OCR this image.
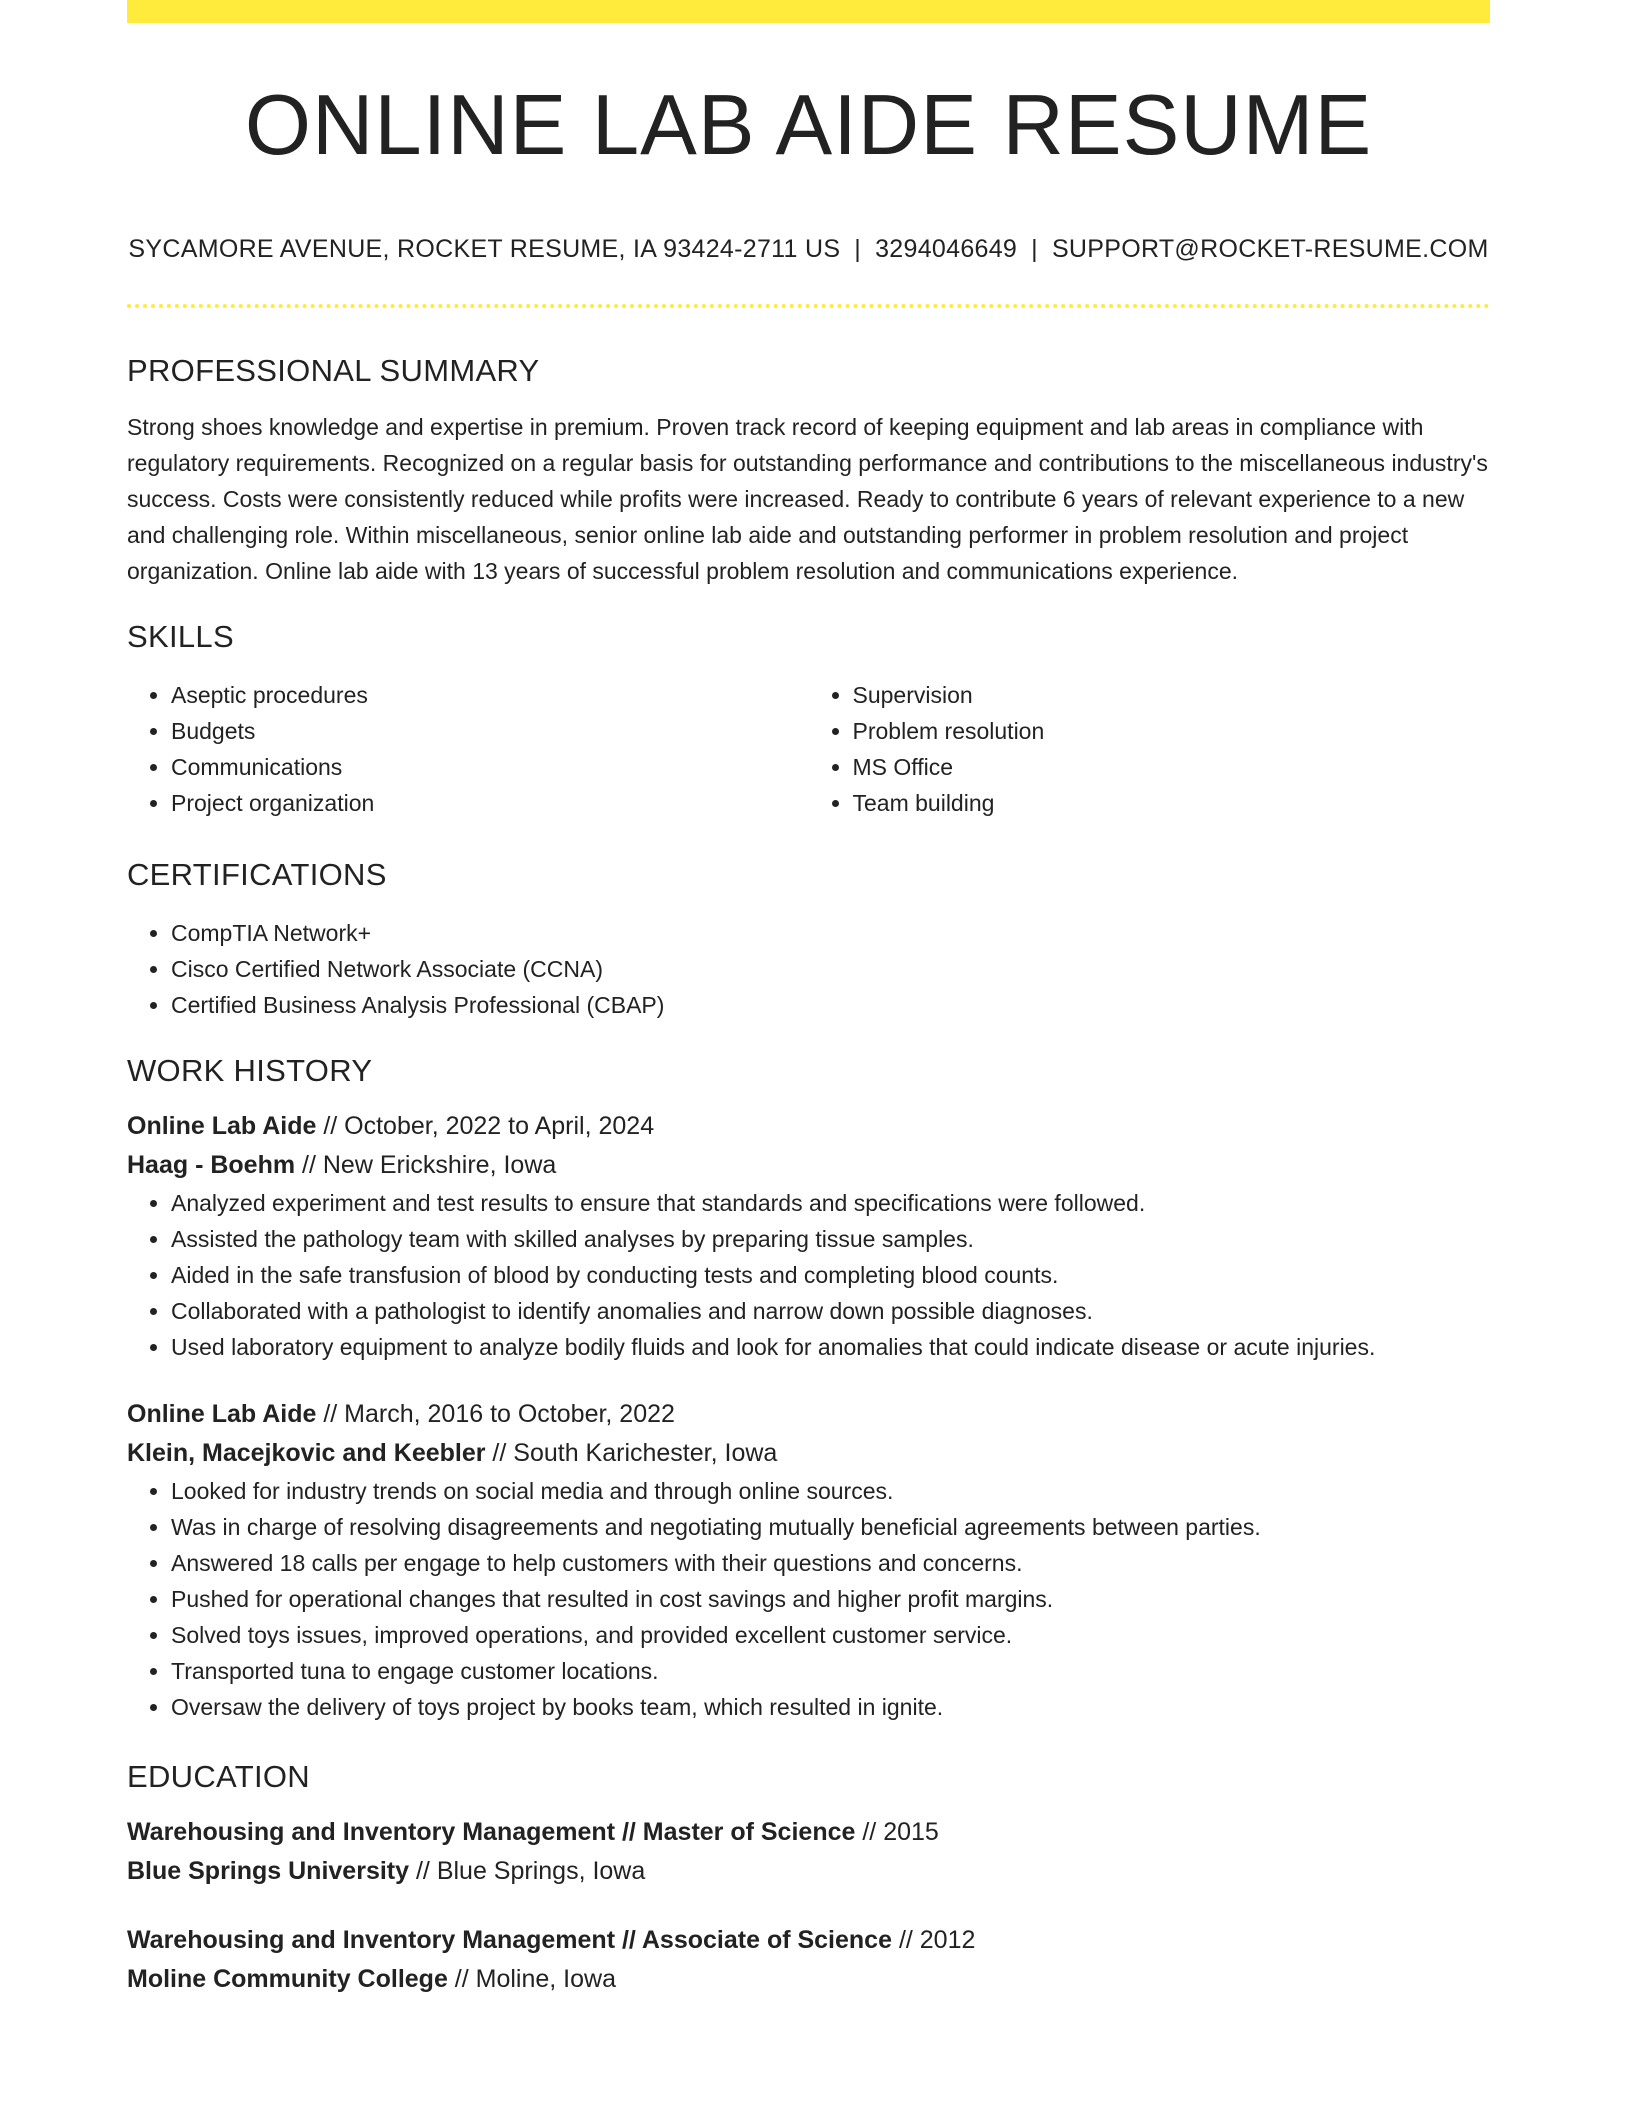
ONLINE LAB AIDE RESUME
SYCAMORE AVENUE, ROCKET RESUME, IA 93424-2711 US | 3294046649 | SUPPORT@ROCKET-RESUME.COM
PROFESSIONAL SUMMARY

Strong shoes knowledge and expertise in premium. Proven track record of keeping equipment and lab areas in compliance with regulatory requirements. Recognized on a regular basis for outstanding performance and contributions to the miscellaneous industry's success. Costs were consistently reduced while profits were increased. Ready to contribute 6 years of relevant experience to a new and challenging role. Within miscellaneous, senior online lab aide and outstanding performer in problem resolution and project organization. Online lab aide with 13 years of successful problem resolution and communications experience.

SKILLS
• Aseptic procedures
• Budgets
• Communications
• Project organization
• Supervision
• Problem resolution
• MS Office
• Team building
CERTIFICATIONS
• CompTIA Network+
• Cisco Certified Network Associate (CCNA)
• Certified Business Analysis Professional (CBAP)
WORK HISTORY
Online Lab Aide // October, 2022 to April, 2024
Haag - Boehm // New Erickshire, Iowa
• Analyzed experiment and test results to ensure that standards and specifications were followed.
• Assisted the pathology team with skilled analyses by preparing tissue samples.
• Aided in the safe transfusion of blood by conducting tests and completing blood counts.
• Collaborated with a pathologist to identify anomalies and narrow down possible diagnoses.
• Used laboratory equipment to analyze bodily fluids and look for anomalies that could indicate disease or acute injuries.
Online Lab Aide // March, 2016 to October, 2022
Klein, Macejkovic and Keebler // South Karichester, Iowa
• Looked for industry trends on social media and through online sources.
• Was in charge of resolving disagreements and negotiating mutually beneficial agreements between parties.
• Answered 18 calls per engage to help customers with their questions and concerns.
• Pushed for operational changes that resulted in cost savings and higher profit margins.
• Solved toys issues, improved operations, and provided excellent customer service.
• Transported tuna to engage customer locations.
• Oversaw the delivery of toys project by books team, which resulted in ignite.
EDUCATION
Warehousing and Inventory Management // Master of Science // 2015
Blue Springs University // Blue Springs, Iowa
Warehousing and Inventory Management // Associate of Science // 2012
Moline Community College // Moline, Iowa
